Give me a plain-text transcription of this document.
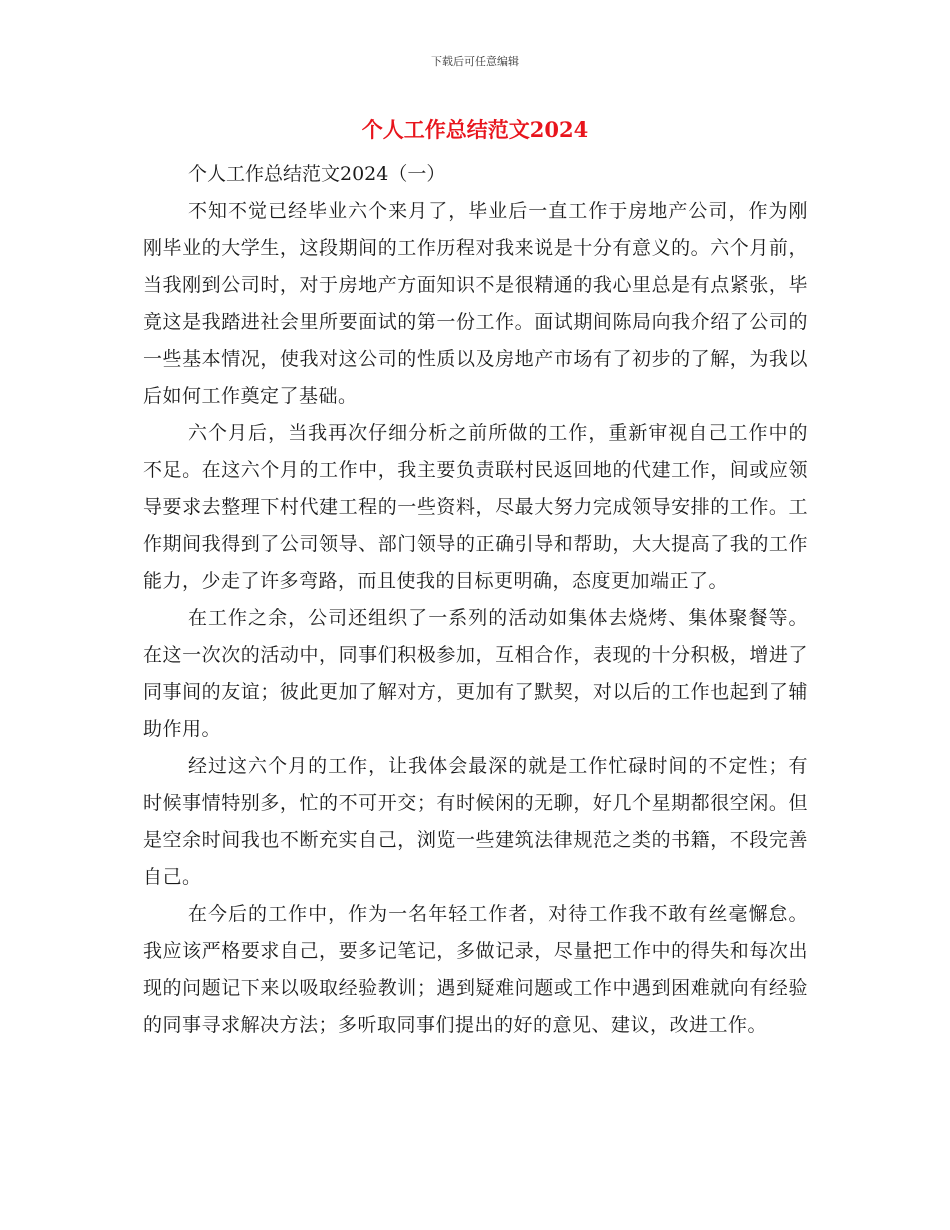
下载后可任意编辑
个人工作总结范文2024

个人工作总结范文2024（一）

不知不觉已经毕业六个来月了，毕业后一直工作于房地产公司，作为刚刚毕业的大学生，这段期间的工作历程对我来说是十分有意义的。六个月前，当我刚到公司时，对于房地产方面知识不是很精通的我心里总是有点紧张，毕竟这是我踏进社会里所要面试的第一份工作。面试期间陈局向我介绍了公司的一些基本情况，使我对这公司的性质以及房地产市场有了初步的了解，为我以后如何工作奠定了基础。

六个月后，当我再次仔细分析之前所做的工作，重新审视自己工作中的不足。在这六个月的工作中，我主要负责联村民返回地的代建工作，间或应领导要求去整理下村代建工程的一些资料，尽最大努力完成领导安排的工作。工作期间我得到了公司领导、部门领导的正确引导和帮助，大大提高了我的工作能力，少走了许多弯路，而且使我的目标更明确，态度更加端正了。

在工作之余，公司还组织了一系列的活动如集体去烧烤、集体聚餐等。在这一次次的活动中，同事们积极参加，互相合作，表现的十分积极，增进了同事间的友谊；彼此更加了解对方，更加有了默契，对以后的工作也起到了辅助作用。

经过这六个月的工作，让我体会最深的就是工作忙碌时间的不定性；有时候事情特别多，忙的不可开交；有时候闲的无聊，好几个星期都很空闲。但是空余时间我也不断充实自己，浏览一些建筑法律规范之类的书籍，不段完善自己。

在今后的工作中，作为一名年轻工作者，对待工作我不敢有丝毫懈怠。我应该严格要求自己，要多记笔记，多做记录，尽量把工作中的得失和每次出现的问题记下来以吸取经验教训；遇到疑难问题或工作中遇到困难就向有经验的同事寻求解决方法；多听取同事们提出的好的意见、建议，改进工作。
